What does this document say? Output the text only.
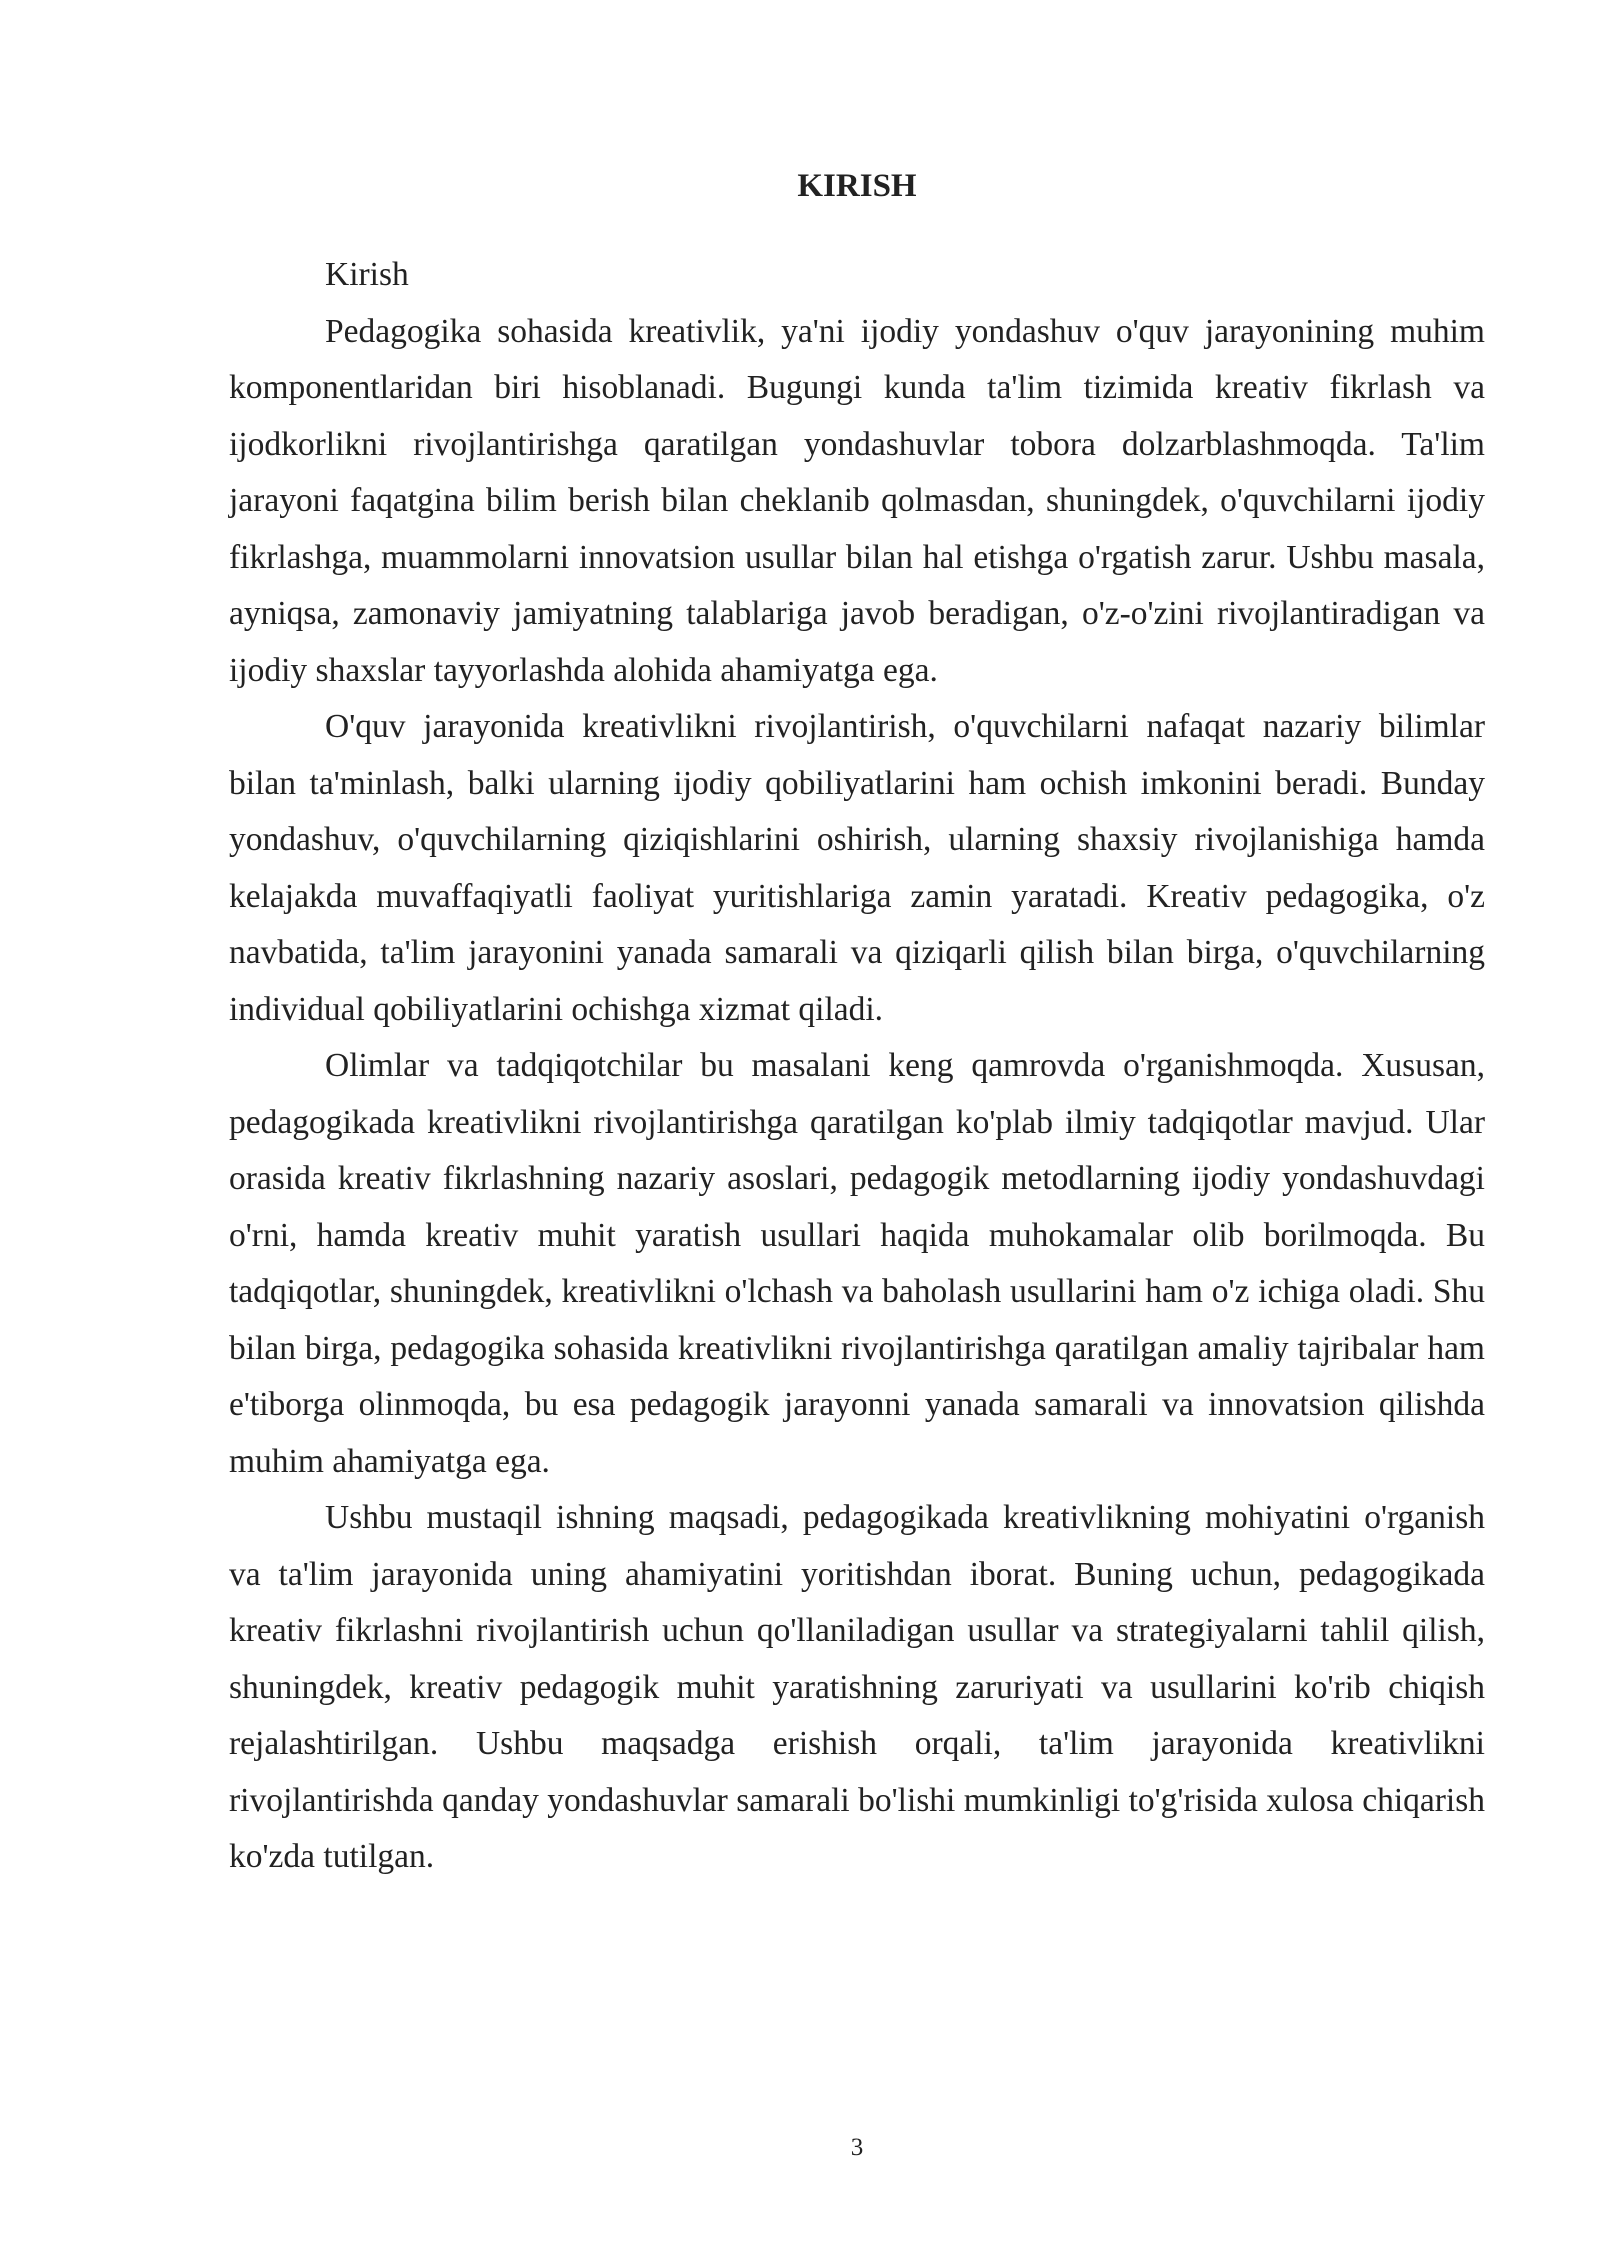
KIRISH

Kirish

Pedagogika sohasida kreativlik, ya'ni ijodiy yondashuv o'quv jarayonining muhim komponentlaridan biri hisoblanadi. Bugungi kunda ta'lim tizimida kreativ fikrlash va ijodkorlikni rivojlantirishga qaratilgan yondashuvlar tobora dolzarblashmoqda. Ta'lim jarayoni faqatgina bilim berish bilan cheklanib qolmasdan, shuningdek, o'quvchilarni ijodiy fikrlashga, muammolarni innovatsion usullar bilan hal etishga o'rgatish zarur. Ushbu masala, ayniqsa, zamonaviy jamiyatning talablariga javob beradigan, o'z-o'zini rivojlantiradigan va ijodiy shaxslar tayyorlashda alohida ahamiyatga ega.

O'quv jarayonida kreativlikni rivojlantirish, o'quvchilarni nafaqat nazariy bilimlar bilan ta'minlash, balki ularning ijodiy qobiliyatlarini ham ochish imkonini beradi. Bunday yondashuv, o'quvchilarning qiziqishlarini oshirish, ularning shaxsiy rivojlanishiga hamda kelajakda muvaffaqiyatli faoliyat yuritishlariga zamin yaratadi. Kreativ pedagogika, o'z navbatida, ta'lim jarayonini yanada samarali va qiziqarli qilish bilan birga, o'quvchilarning individual qobiliyatlarini ochishga xizmat qiladi.

Olimlar va tadqiqotchilar bu masalani keng qamrovda o'rganishmoqda. Xususan, pedagogikada kreativlikni rivojlantirishga qaratilgan ko'plab ilmiy tadqiqotlar mavjud. Ular orasida kreativ fikrlashning nazariy asoslari, pedagogik metodlarning ijodiy yondashuvdagi o'rni, hamda kreativ muhit yaratish usullari haqida muhokamalar olib borilmoqda. Bu tadqiqotlar, shuningdek, kreativlikni o'lchash va baholash usullarini ham o'z ichiga oladi. Shu bilan birga, pedagogika sohasida kreativlikni rivojlantirishga qaratilgan amaliy tajribalar ham e'tiborga olinmoqda, bu esa pedagogik jarayonni yanada samarali va innovatsion qilishda muhim ahamiyatga ega.

Ushbu mustaqil ishning maqsadi, pedagogikada kreativlikning mohiyatini o'rganish va ta'lim jarayonida uning ahamiyatini yoritishdan iborat. Buning uchun, pedagogikada kreativ fikrlashni rivojlantirish uchun qo'llaniladigan usullar va strategiyalarni tahlil qilish, shuningdek, kreativ pedagogik muhit yaratishning zaruriyati va usullarini ko'rib chiqish rejalashtirilgan. Ushbu maqsadga erishish orqali, ta'lim jarayonida kreativlikni rivojlantirishda qanday yondashuvlar samarali bo'lishi mumkinligi to'g'risida xulosa chiqarish ko'zda tutilgan.

3
